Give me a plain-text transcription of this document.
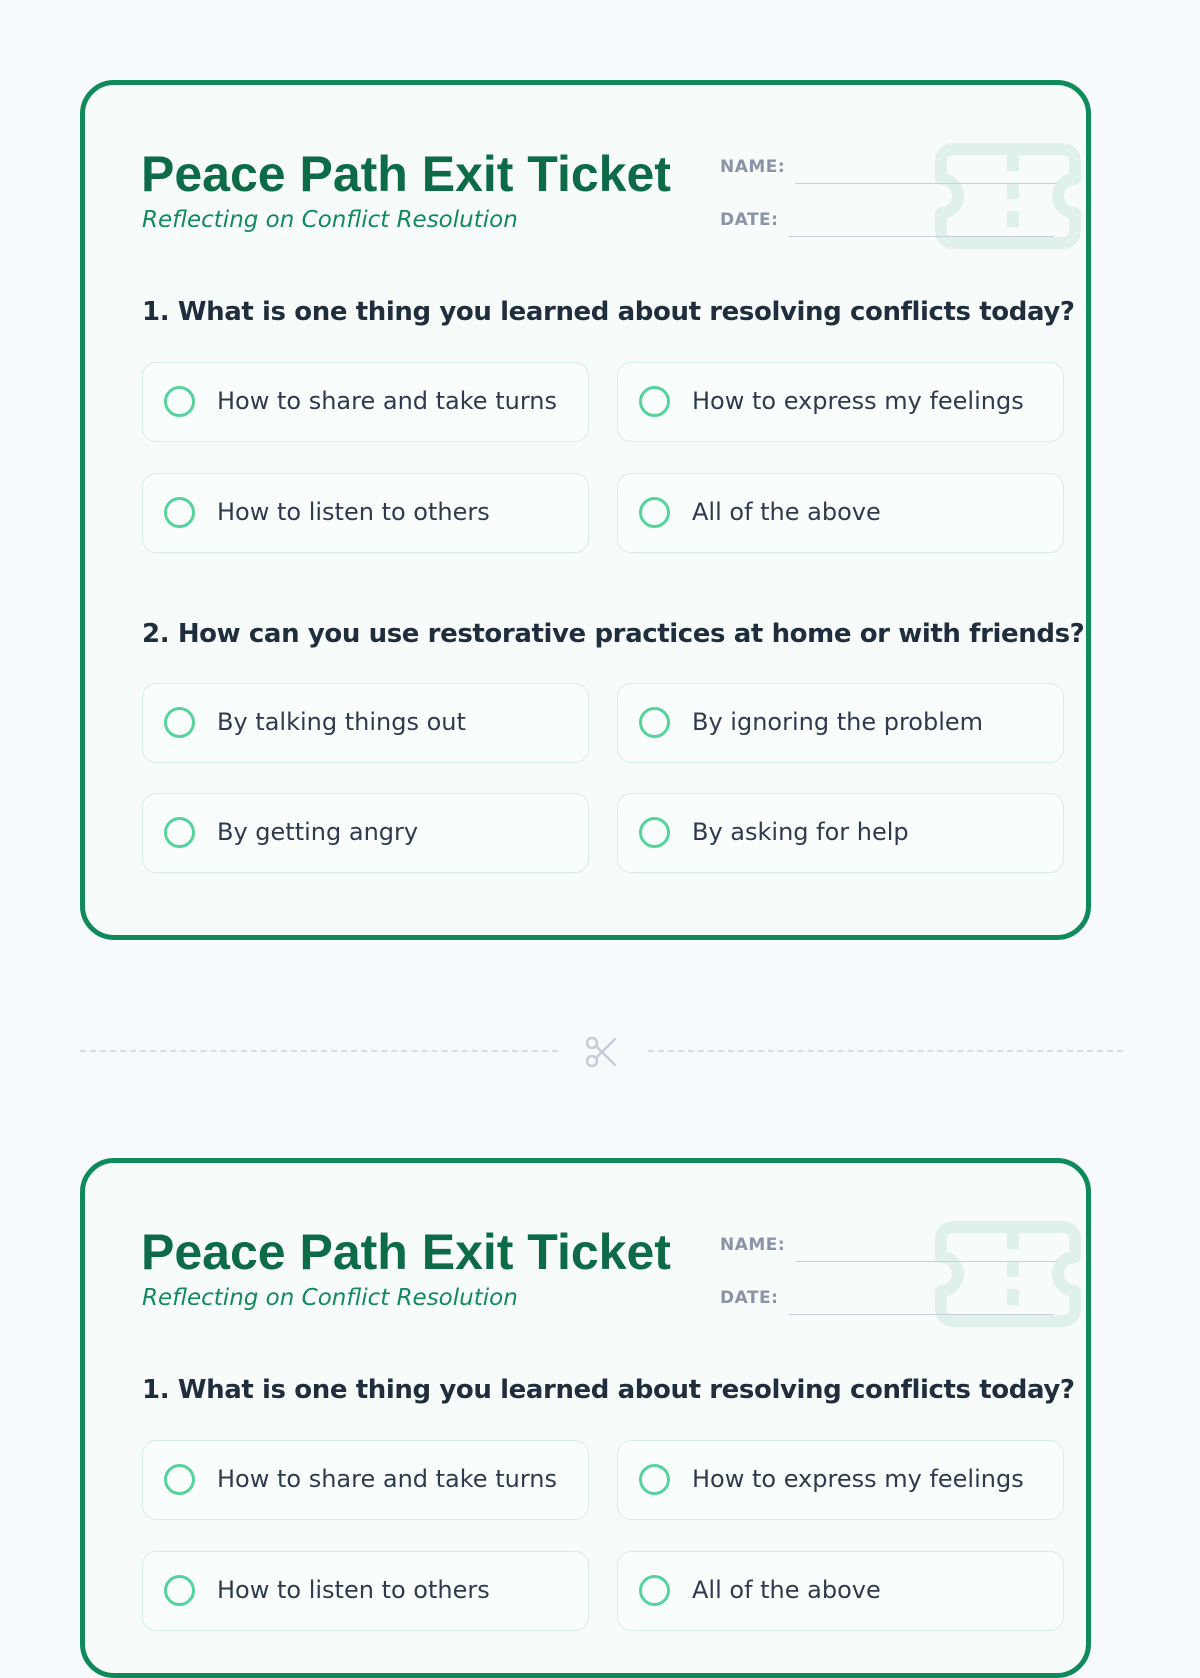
Peace Path Exit Ticket
Reflecting on Conflict Resolution
NAME:
DATE:
1. What is one thing you learned about resolving conflicts today?
How to share and take turns	How to express my feelings
How to listen to others	All of the above
2. How can you use restorative practices at home or with friends?
By talking things out	By ignoring the problem
By getting angry	By asking for help
Peace Path Exit Ticket
Reflecting on Conflict Resolution
NAME:
DATE:
1. What is one thing you learned about resolving conflicts today?
How to share and take turns	How to express my feelings
How to listen to others	All of the above
